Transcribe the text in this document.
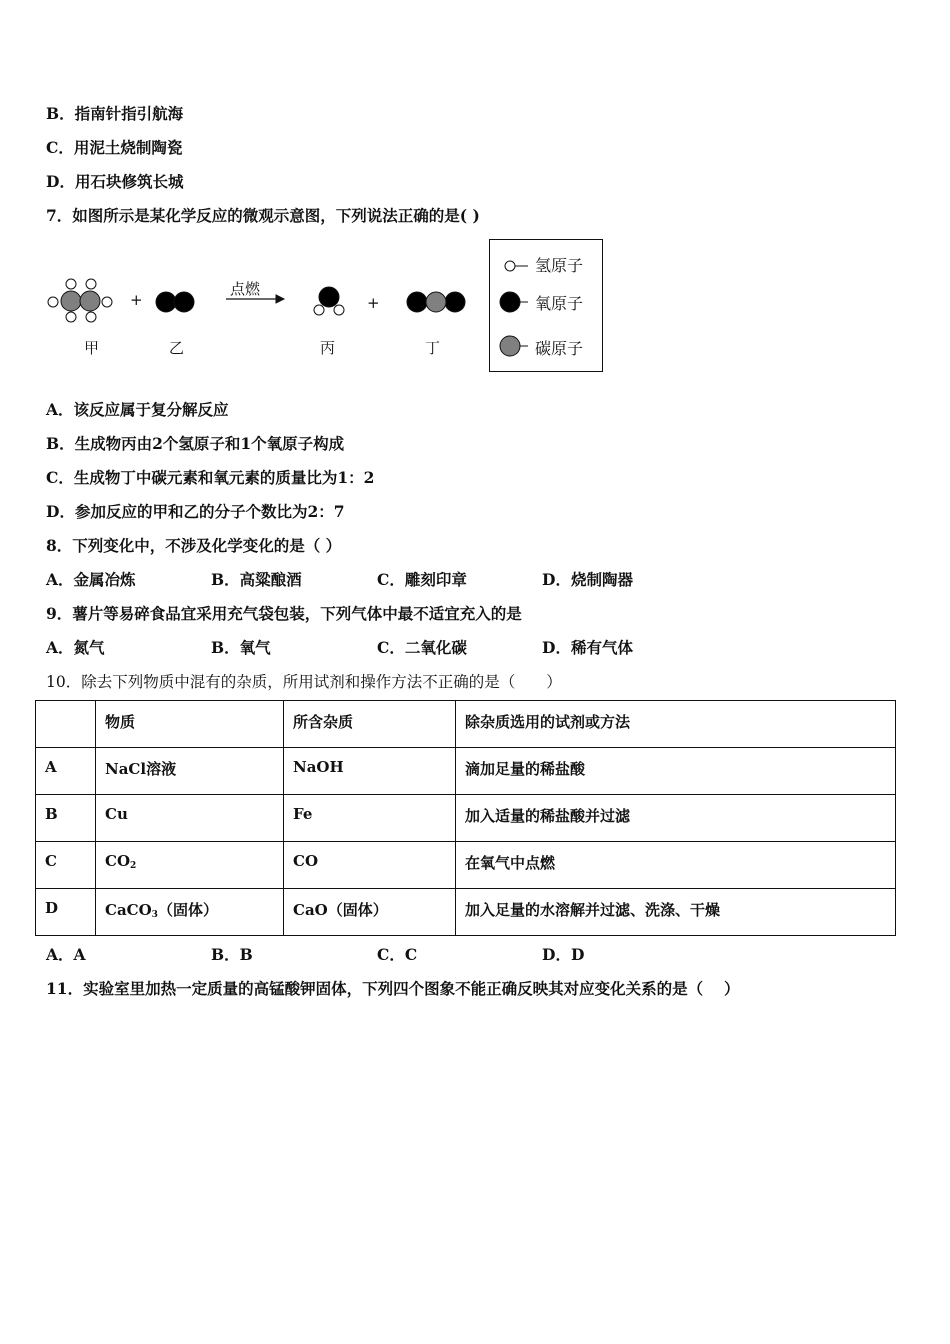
B．指南针指引航海
C．用泥土烧制陶瓷
D．用石块修筑长城
7．如图所示是某化学反应的微观示意图，下列说法正确的是( )
点燃
+	+
甲	乙	丙	丁
氢原子
氧原子
碳原子
A．该反应属于复分解反应
B．生成物丙由2个氢原子和1个氧原子构成
C．生成物丁中碳元素和氧元素的质量比为1：2
D．参加反应的甲和乙的分子个数比为2：7
8．下列变化中，不涉及化学变化的是（ ）
A．金属冶炼	B．高粱酿酒	C．雕刻印章	D．烧制陶器
9．薯片等易碎食品宜采用充气袋包装，下列气体中最不适宜充入的是
A．氮气	B．氧气	C．二氧化碳	D．稀有气体
10．除去下列物质中混有的杂质，所用试剂和操作方法不正确的是（　　）
	物质	所含杂质	除杂质选用的试剂或方法
A	NaCl溶液	NaOH	滴加足量的稀盐酸
B	Cu	Fe	加入适量的稀盐酸并过滤
C	$CO_2$	CO	在氧气中点燃
D	CaCO$_3$（固体）	CaO（固体）	加入足量的水溶解并过滤、洗涤、干燥
A．A	B．B	C．C	D．D
11．实验室里加热一定质量的高锰酸钾固体，下列四个图象不能正确反映其对应变化关系的是（　 ）
